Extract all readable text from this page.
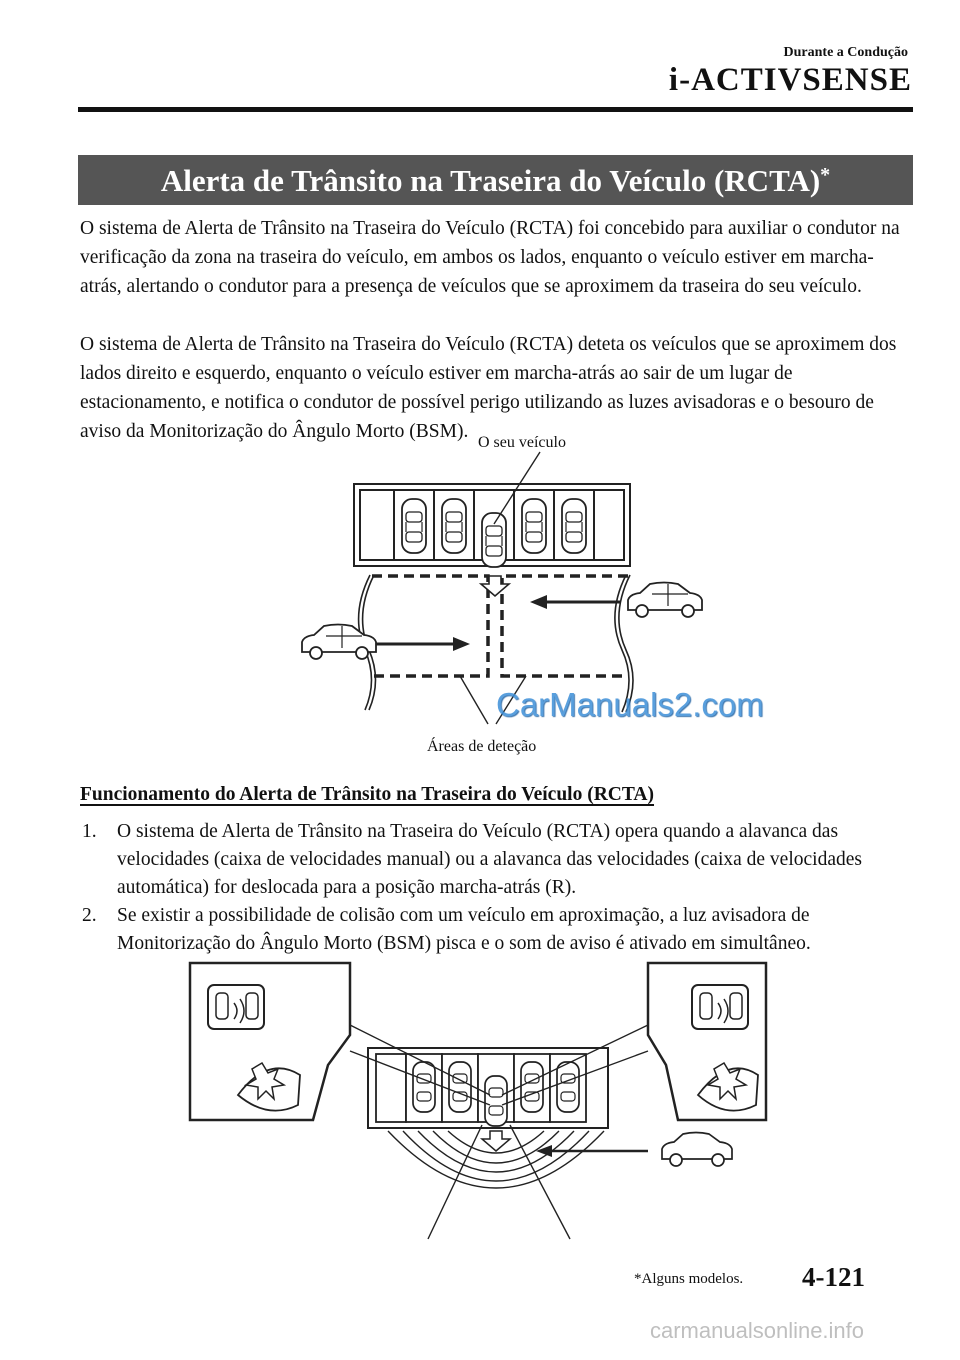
Durante a Condução
i-ACTIVSENSE
Alerta de Trânsito na Traseira do Veículo (RCTA)*
O sistema de Alerta de Trânsito na Traseira do Veículo (RCTA) foi concebido para auxiliar o condutor na verificação da zona na traseira do veículo, em ambos os lados, enquanto o veículo estiver em marcha-atrás, alertando o condutor para a presença de veículos que se aproximem da traseira do seu veículo.
O sistema de Alerta de Trânsito na Traseira do Veículo (RCTA) deteta os veículos que se aproximem dos lados direito e esquerdo, enquanto o veículo estiver em marcha-atrás ao sair de um lugar de estacionamento, e notifica o condutor de possível perigo utilizando as luzes avisadoras e o besouro de aviso da Monitorização do Ângulo Morto (BSM).
O seu veículo
Áreas de deteção
CarManuals2.com
Funcionamento do Alerta de Trânsito na Traseira do Veículo (RCTA)
1. O sistema de Alerta de Trânsito na Traseira do Veículo (RCTA) opera quando a alavanca das velocidades (caixa de velocidades manual) ou a alavanca das velocidades (caixa de velocidades automática) for deslocada para a posição marcha-atrás (R).
2. Se existir a possibilidade de colisão com um veículo em aproximação, a luz avisadora de Monitorização do Ângulo Morto (BSM) pisca e o som de aviso é ativado em simultâneo.
*Alguns modelos. 4-121
carmanualsonline.info
